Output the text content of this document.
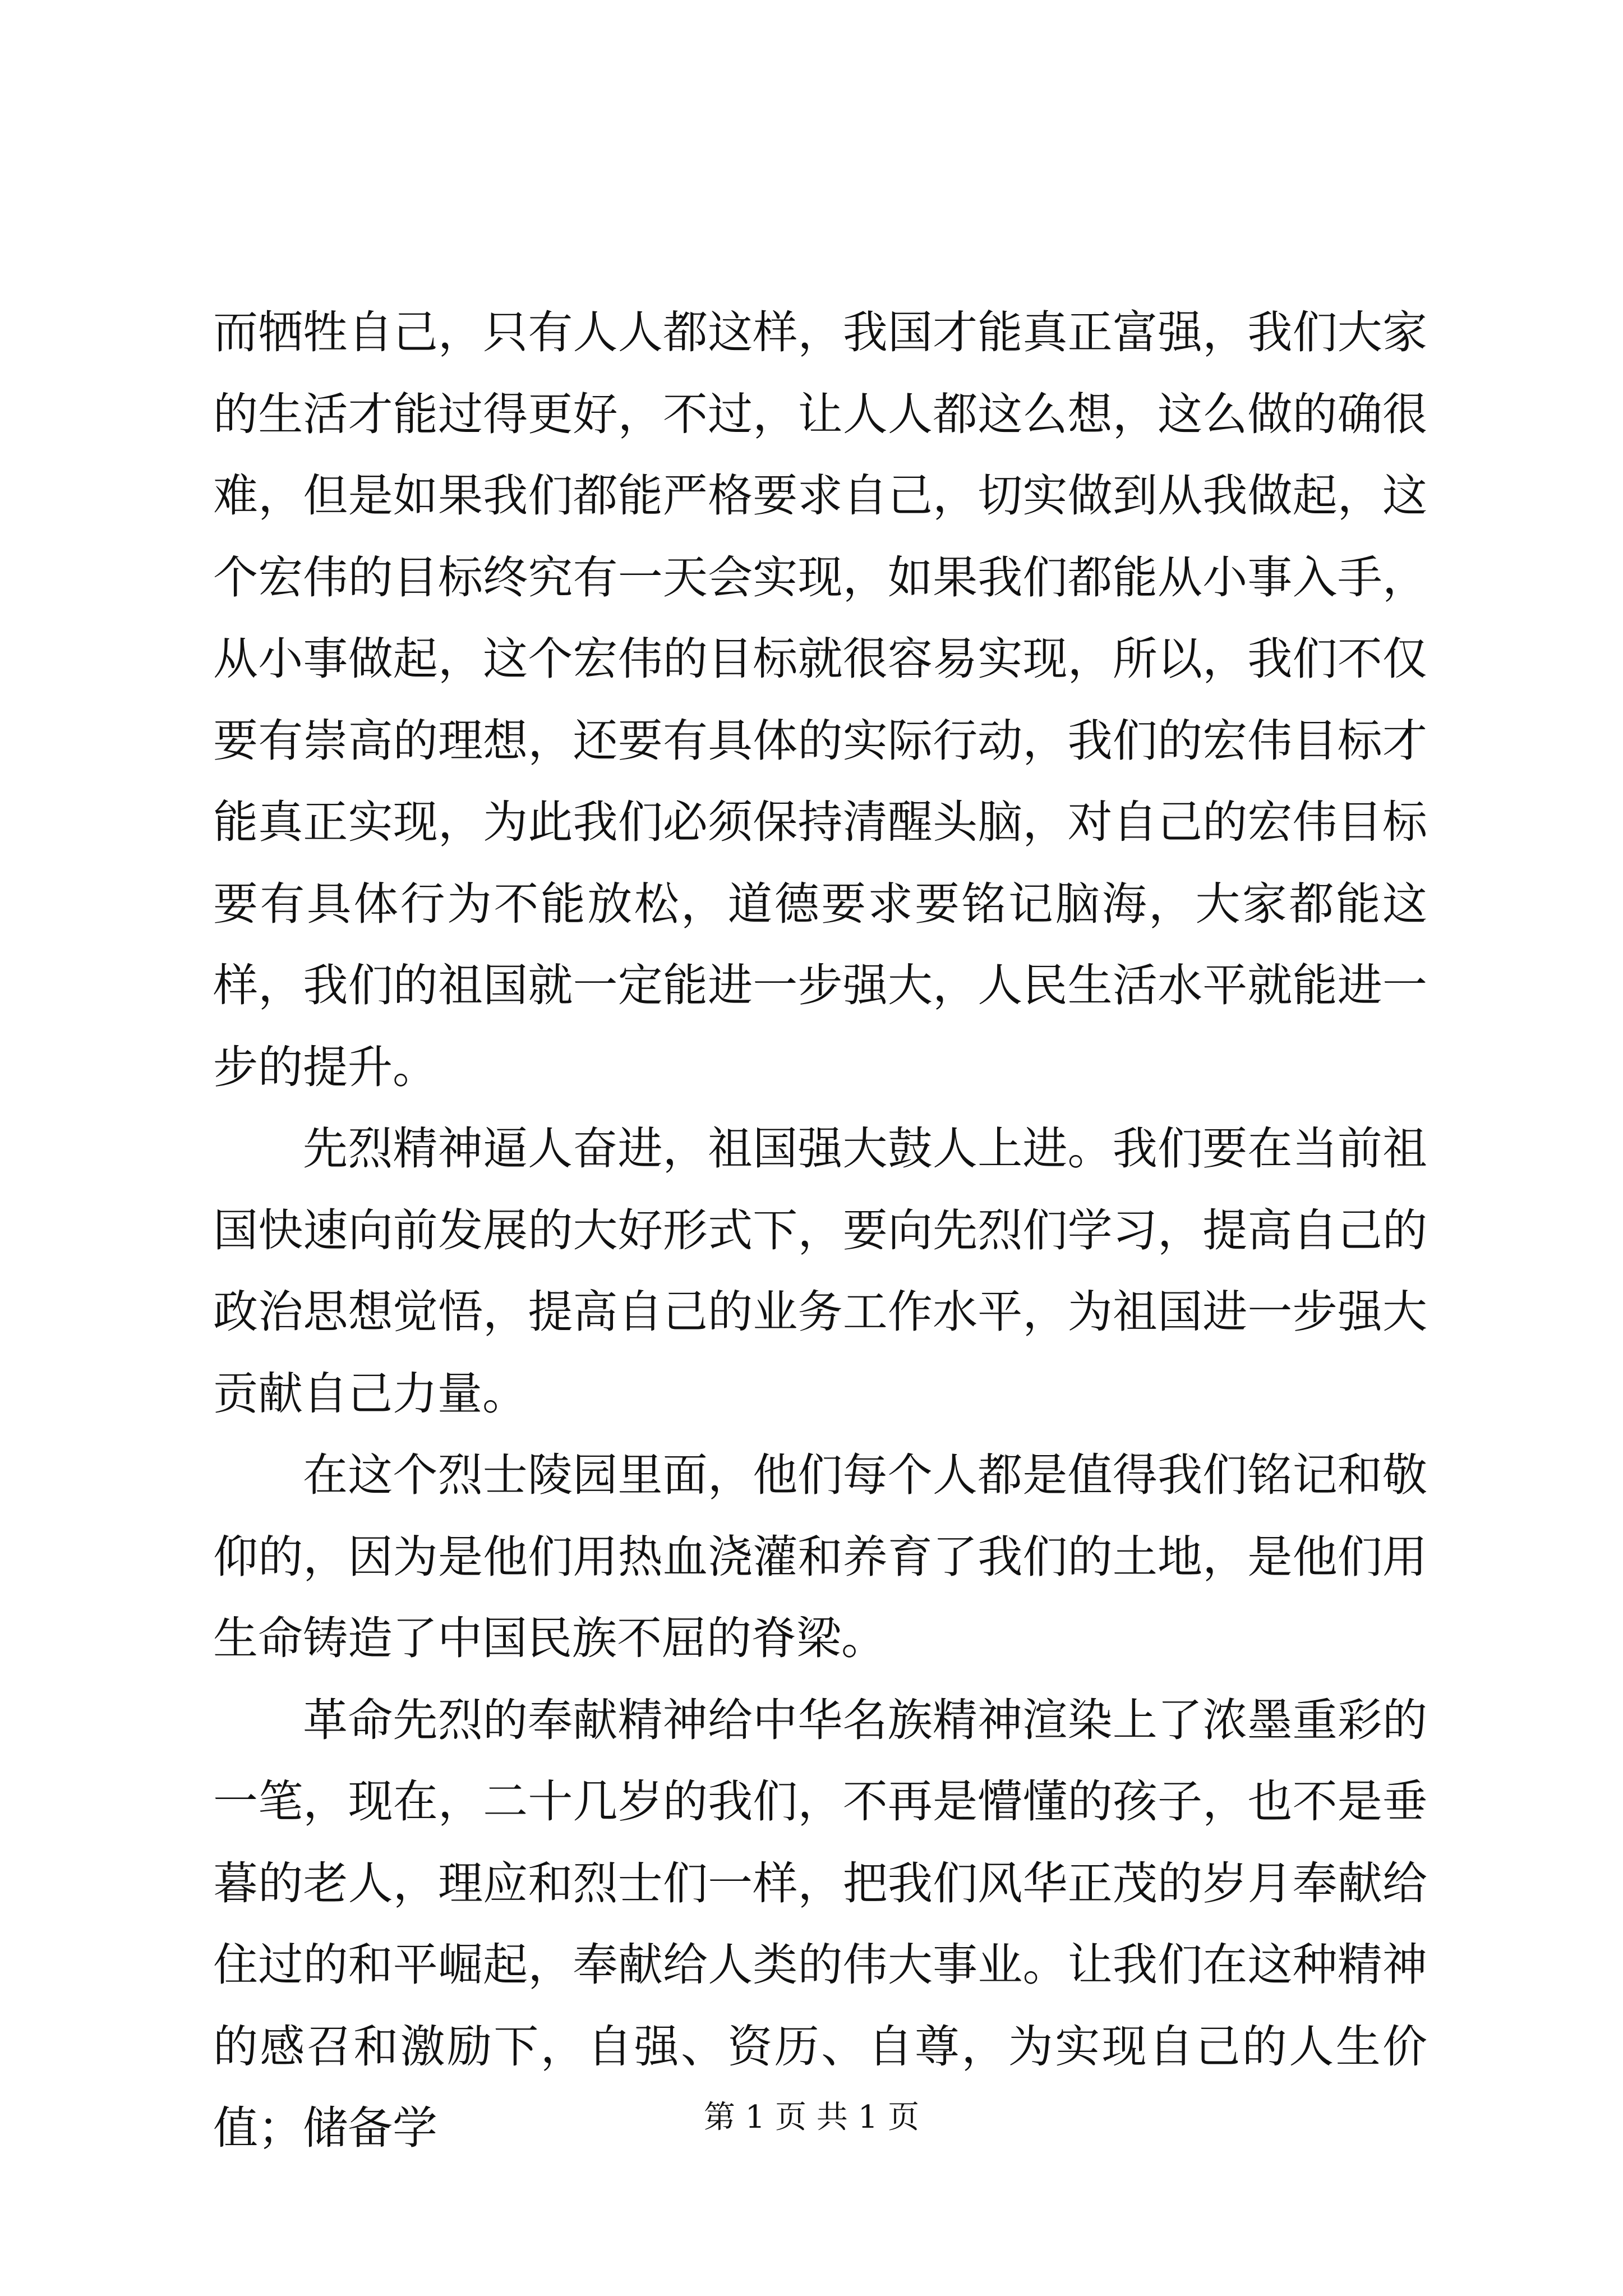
而牺牲自己，只有人人都这样，我国才能真正富强，我们大家的生活才能过得更好，不过，让人人都这么想，这么做的确很难，但是如果我们都能严格要求自己，切实做到从我做起，这个宏伟的目标终究有一天会实现，如果我们都能从小事入手，从小事做起，这个宏伟的目标就很容易实现，所以，我们不仅要有崇高的理想，还要有具体的实际行动，我们的宏伟目标才能真正实现，为此我们必须保持清醒头脑，对自己的宏伟目标要有具体行为不能放松，道德要求要铭记脑海，大家都能这样，我们的祖国就一定能进一步强大，人民生活水平就能进一步的提升。

先烈精神逼人奋进，祖国强大鼓人上进。我们要在当前祖国快速向前发展的大好形式下，要向先烈们学习，提高自己的政治思想觉悟，提高自己的业务工作水平，为祖国进一步强大贡献自己力量。

在这个烈士陵园里面，他们每个人都是值得我们铭记和敬仰的，因为是他们用热血浇灌和养育了我们的土地，是他们用生命铸造了中国民族不屈的脊梁。

革命先烈的奉献精神给中华名族精神渲染上了浓墨重彩的一笔，现在，二十几岁的我们，不再是懵懂的孩子，也不是垂暮的老人，理应和烈士们一样，把我们风华正茂的岁月奉献给住过的和平崛起，奉献给人类的伟大事业。让我们在这种精神的感召和激励下，自强、资历、自尊，为实现自己的人生价值；储备学	第 1 页 共 1 页
